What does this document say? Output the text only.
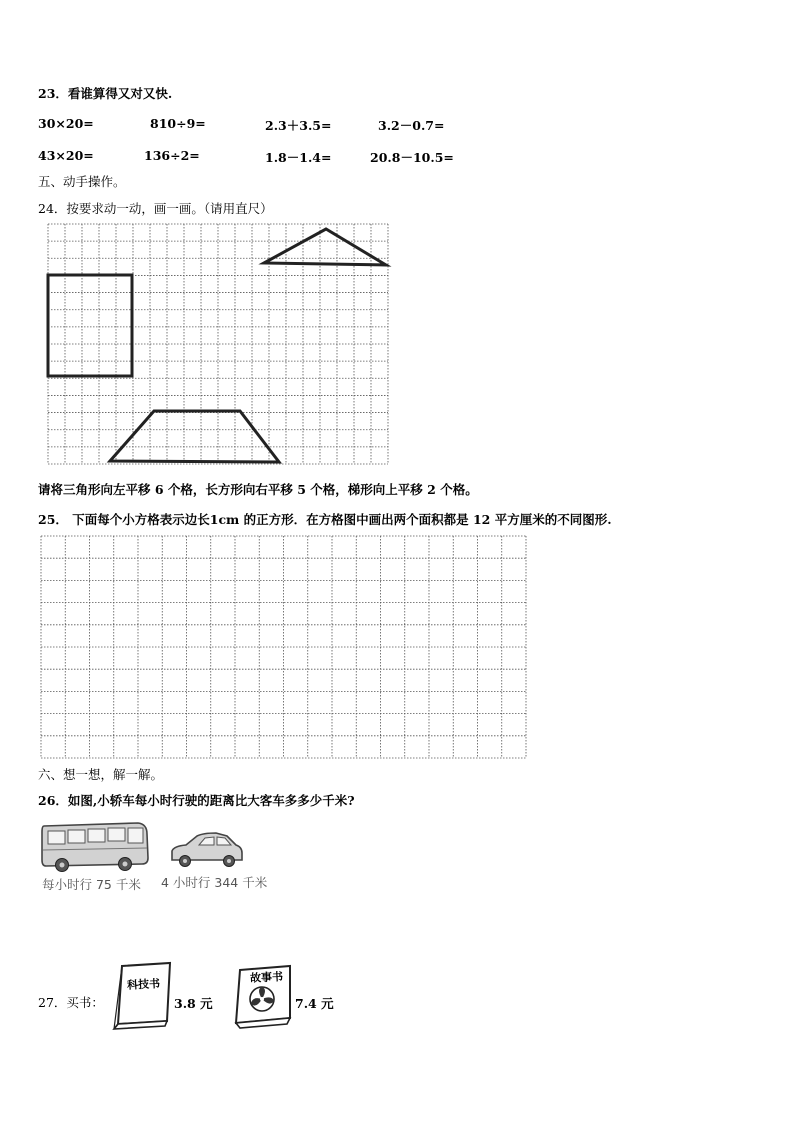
23．看谁算得又对又快.
30×20=	810÷9=	2.3＋3.5=	3.2－0.7=
43×20=	136÷2=	1.8－1.4=	20.8－10.5=
五、动手操作。
24．按要求动一动，画一画。（请用直尺）
请将三角形向左平移 6 个格，长方形向右平移 5 个格，梯形向上平移 2 个格。
25． 下面每个小方格表示边长1cm 的正方形．在方格图中画出两个面积都是 12 平方厘米的不同图形.
六、想一想，解一解。
26．如图,小轿车每小时行驶的距离比大客车多多少千米?
每小时行 75 千米 4 小时行 344 千米
27．买书：
科技书	故事书
3.8 元	7.4 元
